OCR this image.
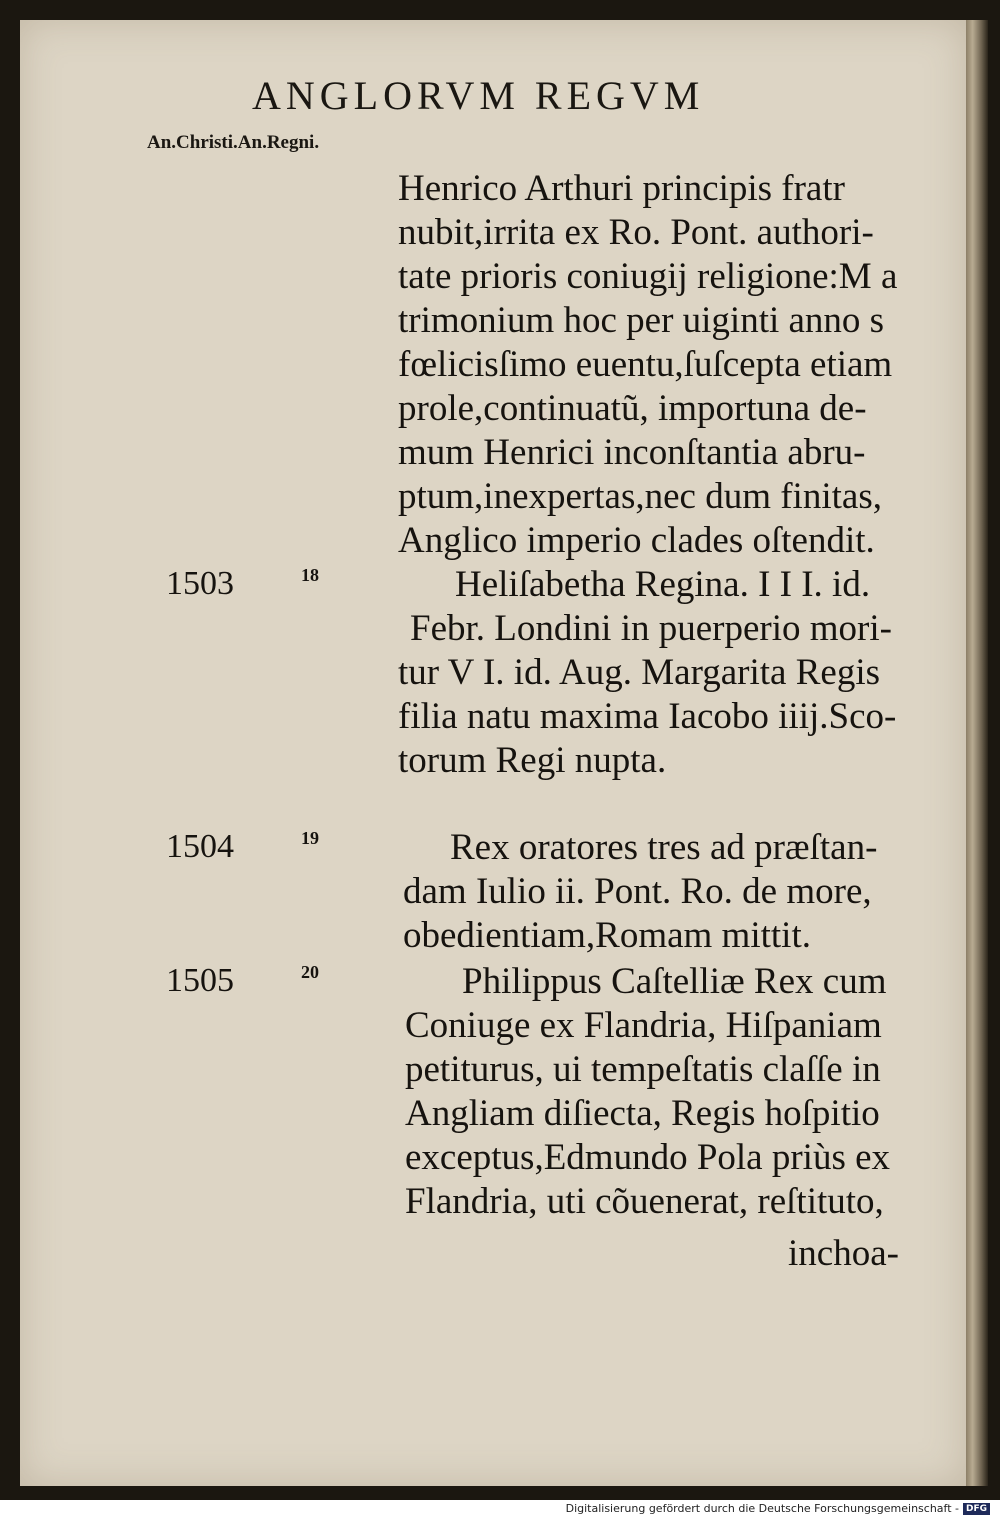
ANGLORVM REGVM
An.Christi.An.Regni.
Henrico Arthuri principis fratr
nubit,irrita ex Ro. Pont. authori-
tate prioris coniugij religione:M a
trimonium hoc per uiginti anno s
fœlicisſimo euentu,ſuſcepta etiam
prole,continuatũ, importuna de-
mum Henrici inconſtantia abru-
ptum,inexpertas,nec dum finitas,
Anglico imperio clades oſtendit.
1503	18	Heliſabetha Regina. I I I. id.
Febr. Londini in puerperio mori-
tur V I. id. Aug. Margarita Regis
filia natu maxima Iacobo iiij.Sco-
torum Regi nupta.
1504	19	Rex oratores tres ad præſtan-
dam Iulio ii. Pont. Ro. de more,
obedientiam,Romam mittit.
1505	20	Philippus Caſtelliæ Rex cum
Coniuge ex Flandria, Hiſpaniam
petiturus, ui tempeſtatis claſſe in
Angliam diſiecta, Regis hoſpitio
exceptus,Edmundo Pola priùs ex
Flandria, uti cõuenerat, reſtituto,
inchoa-
Digitalisierung gefördert durch die Deutsche Forschungsgemeinschaft - DFG
